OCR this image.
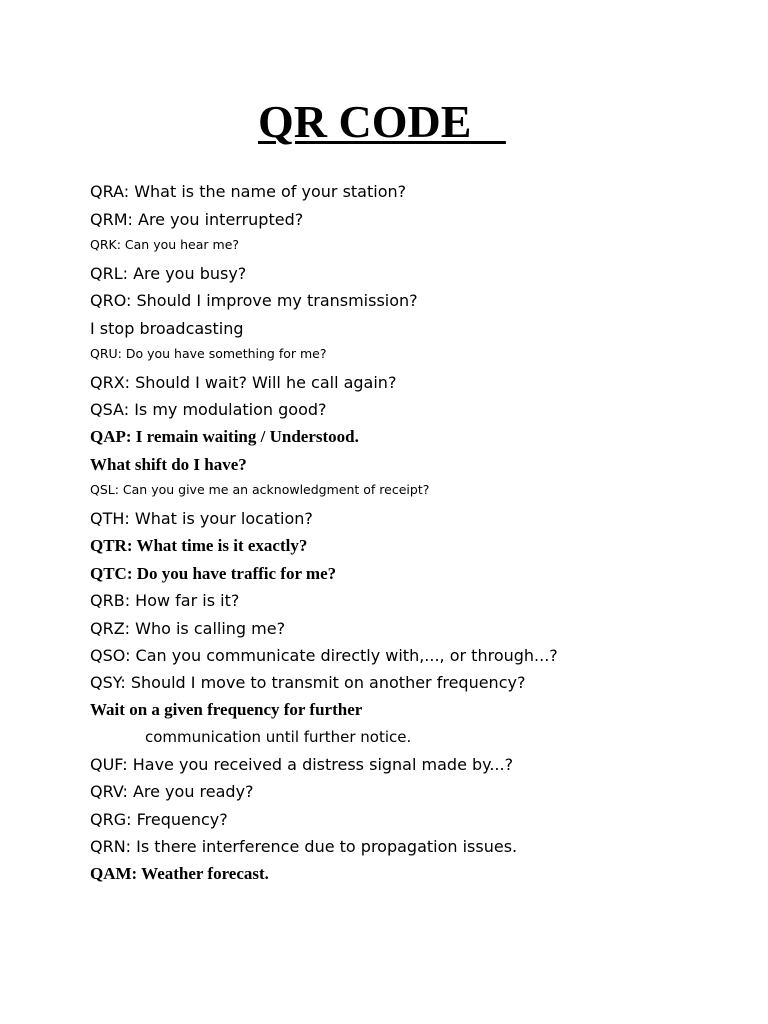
QR CODE

QRA: What is the name of your station?

QRM: Are you interrupted?

QRK: Can you hear me?

QRL: Are you busy?

QRO: Should I improve my transmission?

I stop broadcasting

QRU: Do you have something for me?

QRX: Should I wait? Will he call again?

QSA: Is my modulation good?

QAP: I remain waiting / Understood.

What shift do I have?

QSL: Can you give me an acknowledgment of receipt?

QTH: What is your location?

QTR: What time is it exactly?

QTC: Do you have traffic for me?

QRB: How far is it?

QRZ: Who is calling me?

QSO: Can you communicate directly with,..., or through...?

QSY: Should I move to transmit on another frequency?

Wait on a given frequency for further

communication until further notice.

QUF: Have you received a distress signal made by...?

QRV: Are you ready?

QRG: Frequency?

QRN: Is there interference due to propagation issues.

QAM: Weather forecast.
